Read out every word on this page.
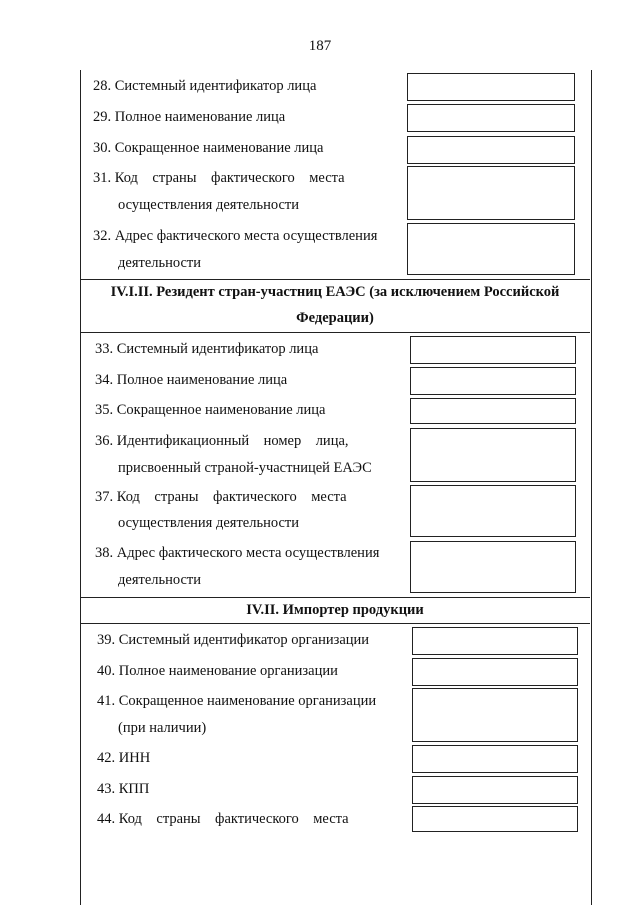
187
28. Системный идентификатор лица
29. Полное наименование лица
30. Сокращенное наименование лица
31. Код    страны    фактического    места
осуществления деятельности
32. Адрес фактического места осуществления
деятельности
IV.I.II. Резидент стран-участниц ЕАЭС (за исключением Российской
Федерации)
33. Системный идентификатор лица
34. Полное наименование лица
35. Сокращенное наименование лица
36. Идентификационный    номер    лица,
присвоенный страной-участницей ЕАЭС
37. Код    страны    фактического    места
осуществления деятельности
38. Адрес фактического места осуществления
деятельности
IV.II. Импортер продукции
39. Системный идентификатор организации
40. Полное наименование организации
41. Сокращенное наименование организации
(при наличии)
42. ИНН
43. КПП
44. Код    страны    фактического    места
